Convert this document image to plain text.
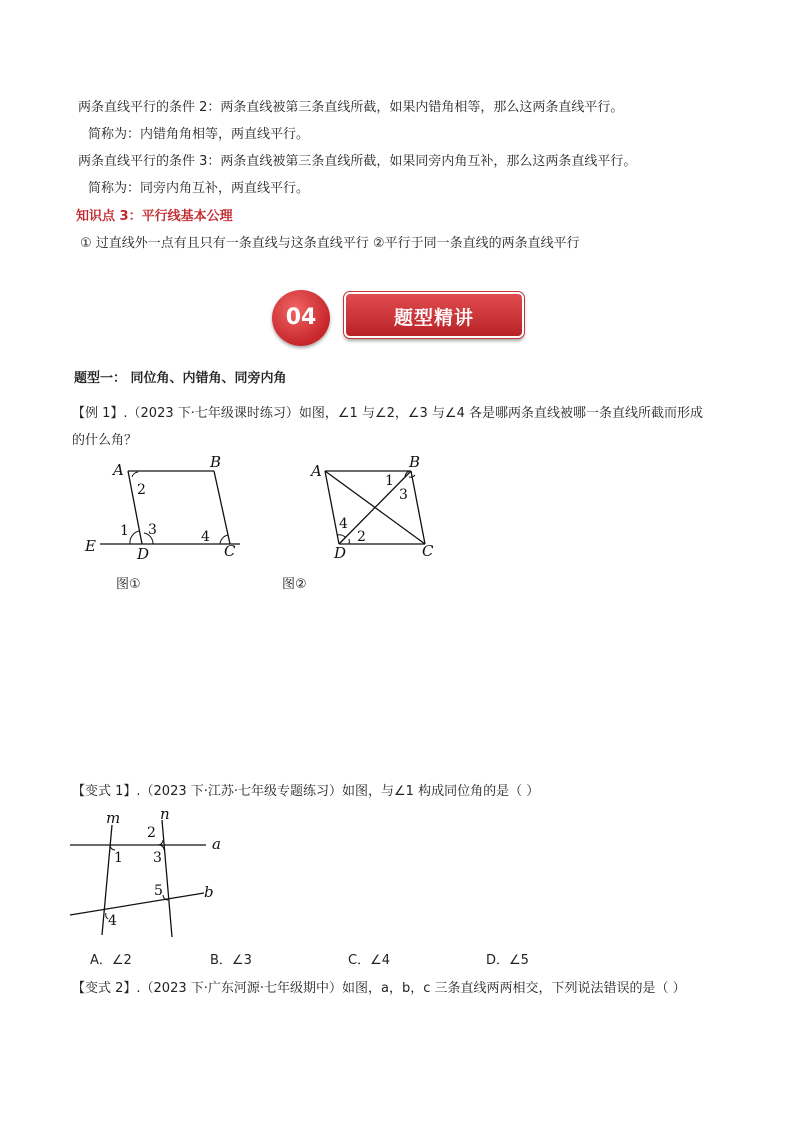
两条直线平行的条件 2：两条直线被第三条直线所截，如果内错角相等，那么这两条直线平行。
简称为：内错角角相等，两直线平行。
两条直线平行的条件 3：两条直线被第三条直线所截，如果同旁内角互补，那么这两条直线平行。
简称为：同旁内角互补，两直线平行。
知识点 3：平行线基本公理
① 过直线外一点有且只有一条直线与这条直线平行 ②平行于同一条直线的两条直线平行
04	题型精讲
题型一： 同位角、内错角、同旁内角
【例 1】.（2023 下·七年级课时练习）如图，∠1 与∠2，∠3 与∠4 各是哪两条直线被哪一条直线所截而形成
的什么角？
A	B
E	D	C
2
1 3	4
图①
A	B
D	C
1
3
4
2
图②
【变式 1】.（2023 下·江苏·七年级专题练习）如图，与∠1 构成同位角的是（ ）
m	n
a
b
2
1 3
5
4
A．∠2	B．∠3	C．∠4	D．∠5
【变式 2】.（2023 下·广东河源·七年级期中）如图，a，b，c 三条直线两两相交，下列说法错误的是（ ）
